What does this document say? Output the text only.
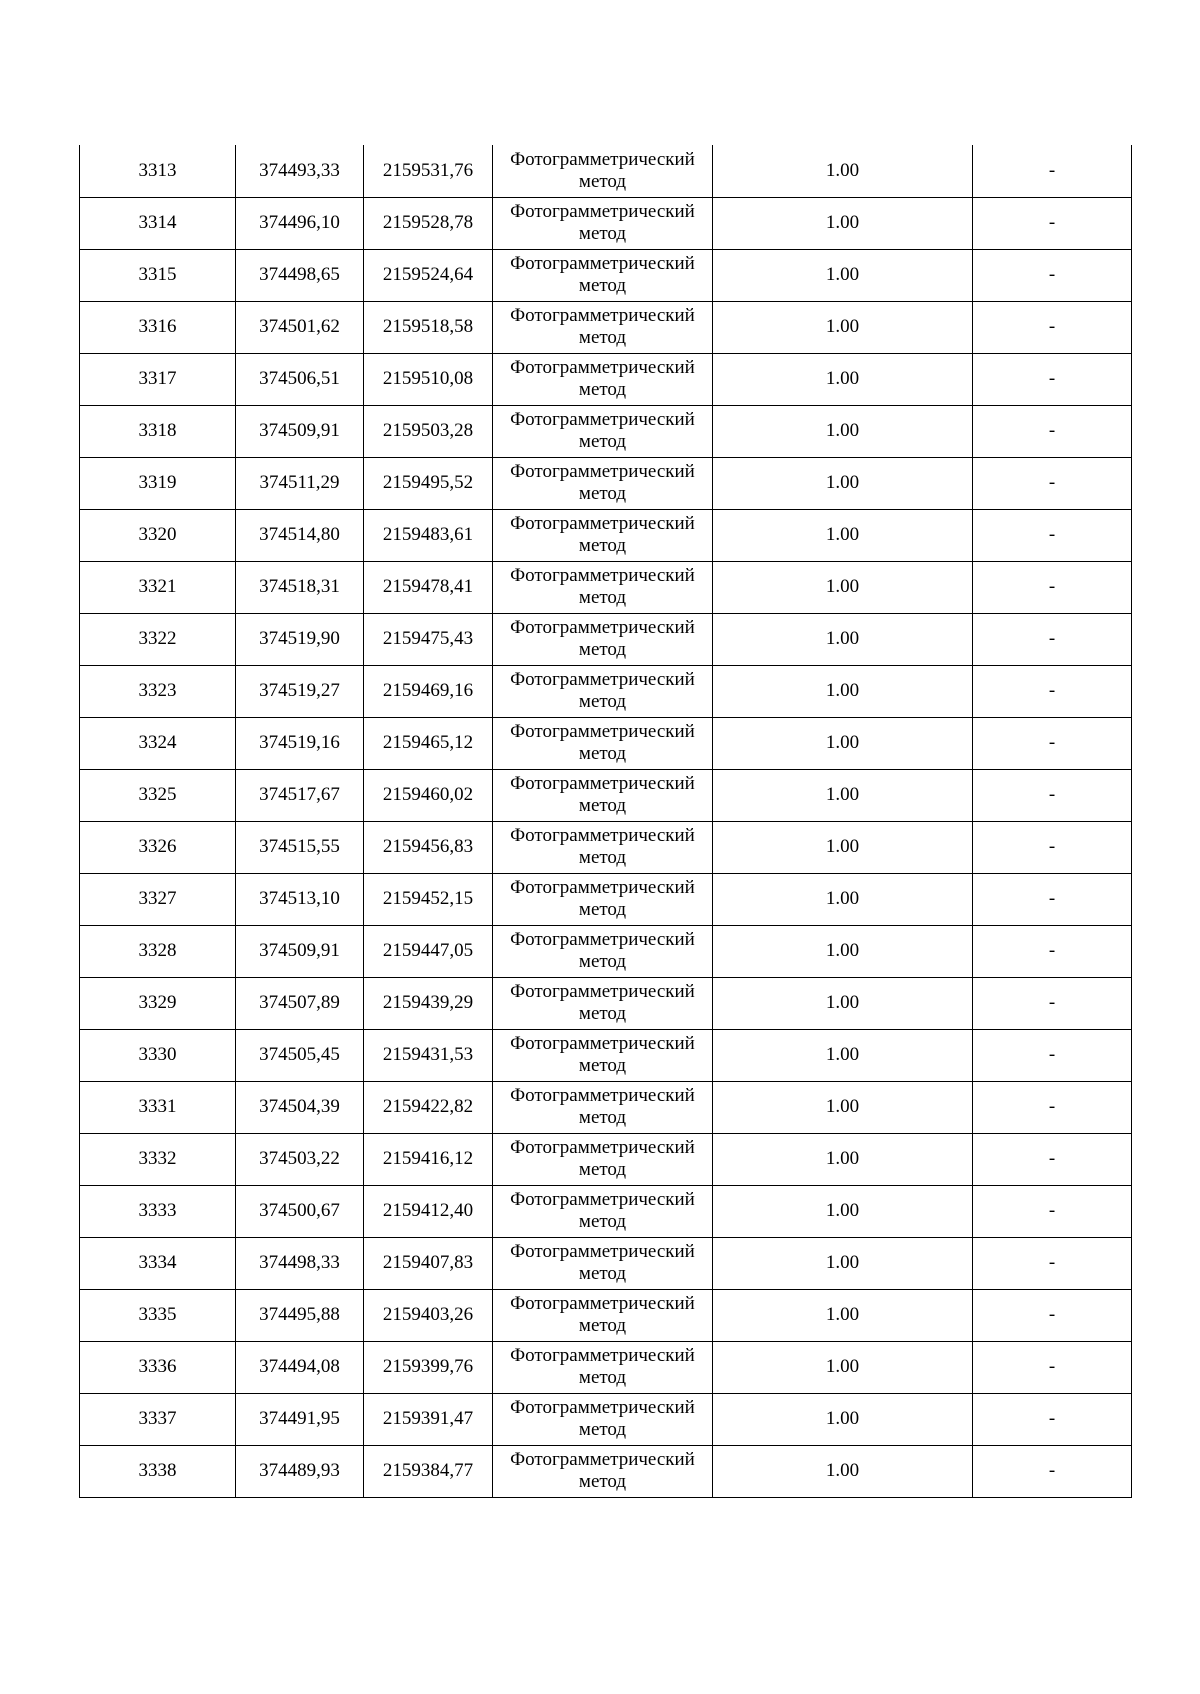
3313	374493,33	2159531,76	Фотограмметрический
метод	1.00	-
3314	374496,10	2159528,78	Фотограмметрический
метод	1.00	-
3315	374498,65	2159524,64	Фотограмметрический
метод	1.00	-
3316	374501,62	2159518,58	Фотограмметрический
метод	1.00	-
3317	374506,51	2159510,08	Фотограмметрический
метод	1.00	-
3318	374509,91	2159503,28	Фотограмметрический
метод	1.00	-
3319	374511,29	2159495,52	Фотограмметрический
метод	1.00	-
3320	374514,80	2159483,61	Фотограмметрический
метод	1.00	-
3321	374518,31	2159478,41	Фотограмметрический
метод	1.00	-
3322	374519,90	2159475,43	Фотограмметрический
метод	1.00	-
3323	374519,27	2159469,16	Фотограмметрический
метод	1.00	-
3324	374519,16	2159465,12	Фотограмметрический
метод	1.00	-
3325	374517,67	2159460,02	Фотограмметрический
метод	1.00	-
3326	374515,55	2159456,83	Фотограмметрический
метод	1.00	-
3327	374513,10	2159452,15	Фотограмметрический
метод	1.00	-
3328	374509,91	2159447,05	Фотограмметрический
метод	1.00	-
3329	374507,89	2159439,29	Фотограмметрический
метод	1.00	-
3330	374505,45	2159431,53	Фотограмметрический
метод	1.00	-
3331	374504,39	2159422,82	Фотограмметрический
метод	1.00	-
3332	374503,22	2159416,12	Фотограмметрический
метод	1.00	-
3333	374500,67	2159412,40	Фотограмметрический
метод	1.00	-
3334	374498,33	2159407,83	Фотограмметрический
метод	1.00	-
3335	374495,88	2159403,26	Фотограмметрический
метод	1.00	-
3336	374494,08	2159399,76	Фотограмметрический
метод	1.00	-
3337	374491,95	2159391,47	Фотограмметрический
метод	1.00	-
3338	374489,93	2159384,77	Фотограмметрический
метод	1.00	-
